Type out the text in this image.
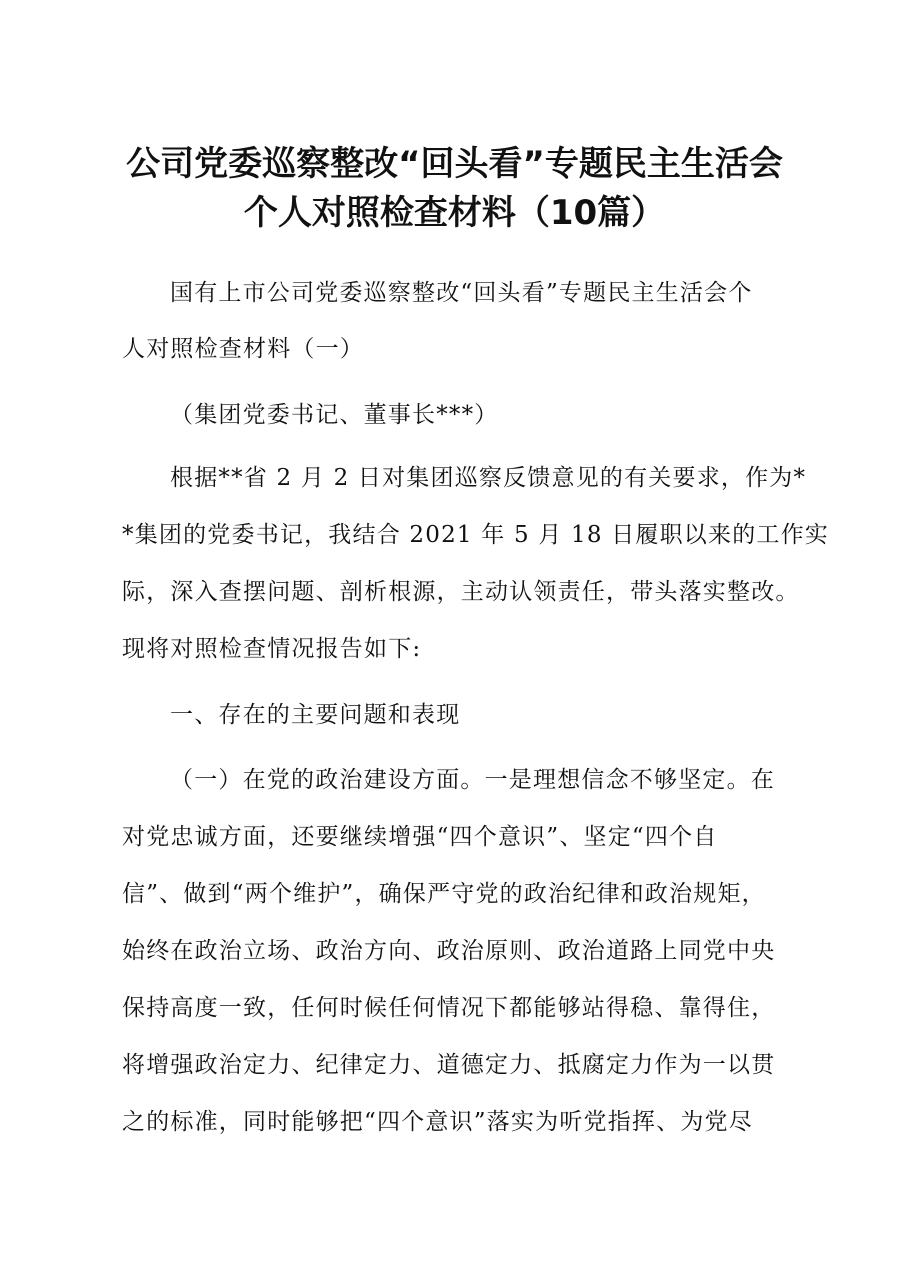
公司党委巡察整改“回头看”专题民主生活会
个人对照检查材料（10篇）
国有上市公司党委巡察整改“回头看”专题民主生活会个
人对照检查材料（一）
（集团党委书记、董事长***）
根据**省 2 月 2 日对集团巡察反馈意见的有关要求，作为*
*集团的党委书记，我结合 2021 年 5 月 18 日履职以来的工作实
际，深入查摆问题、剖析根源，主动认领责任，带头落实整改。
现将对照检查情况报告如下:
一、存在的主要问题和表现
（一）在党的政治建设方面。一是理想信念不够坚定。在
对党忠诚方面，还要继续增强“四个意识”、坚定“四个自
信”、做到“两个维护”，确保严守党的政治纪律和政治规矩，
始终在政治立场、政治方向、政治原则、政治道路上同党中央
保持高度一致，任何时候任何情况下都能够站得稳、靠得住，
将增强政治定力、纪律定力、道德定力、抵腐定力作为一以贯
之的标准，同时能够把“四个意识”落实为听党指挥、为党尽
